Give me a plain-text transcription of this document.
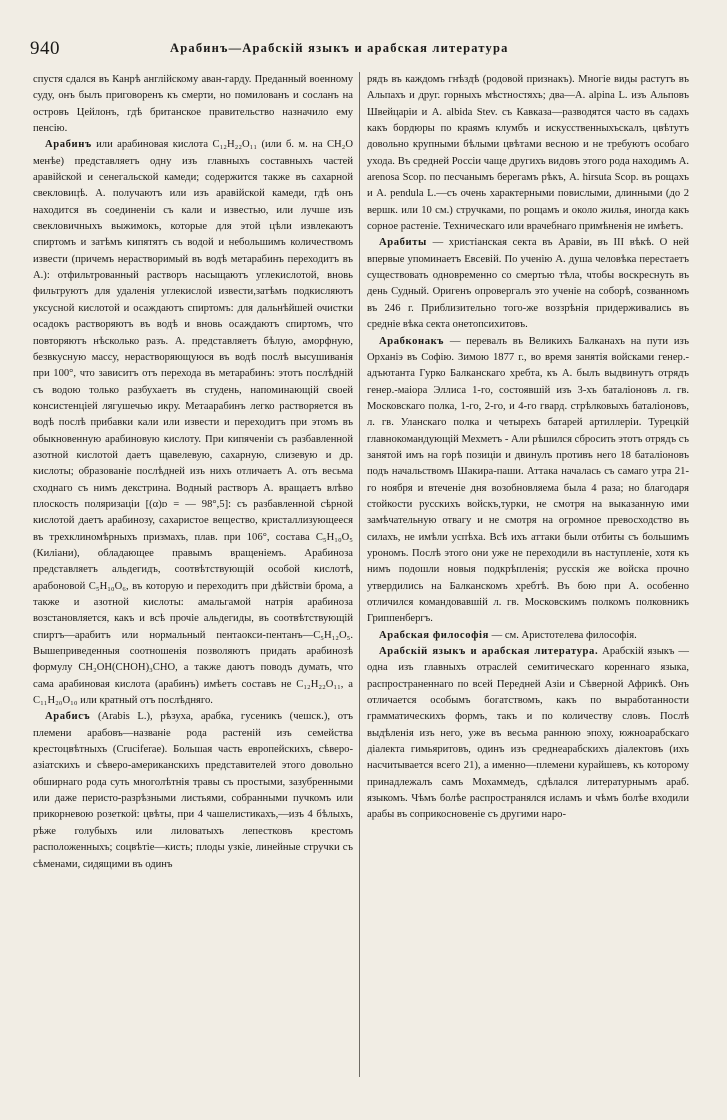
940	Арабинъ—Арабскій языкъ и арабская литература

спустя сдался въ Канрѣ англійскому аван-гарду. Преданный военному суду, онъ былъ приговоренъ къ смерти, но помилованъ и сосланъ на островъ Цейлонъ, гдѣ британское правительство назначило ему пенсію.

Арабинъ или арабиновая кислота C₁₂H₂₂O₁₁ (или б. м. на CH₂O менѣе) представляетъ одну изъ главныхъ составныхъ частей аравійской и сенегальской камеди; содержится также въ сахарной свекловицѣ. А. получаютъ или изъ аравійской камеди, гдѣ онъ находится въ соединеніи съ кали и известью, или лучше изъ свекловичныхъ выжимокъ, которые для этой цѣли извлекаютъ спиртомъ и затѣмъ кипятятъ съ водой и небольшимъ количествомъ извести (причемъ нерастворимый въ водѣ метарабинъ переходитъ въ А.): отфильтрованный растворъ насыщаютъ углекислотой, вновь фильтруютъ для удаленія углекислой извести,затѣмъ подкисляютъ уксусной кислотой и осаждаютъ спиртомъ: для дальнѣйшей очистки осадокъ растворяютъ въ водѣ и вновь осаждаютъ спиртомъ, что повторяютъ нѣсколько разъ. А. представляетъ бѣлую, аморфную, безвкусную массу, нерастворяющуюся въ водѣ послѣ высушиванія при 100°, что зависитъ отъ перехода въ метарабинъ: этотъ послѣдній съ водою только разбухаетъ въ студень, напоминающій своей консистенціей лягушечью икру. Метаарабинъ легко растворяется въ водѣ послѣ прибавки кали или извести и переходитъ при этомъ въ обыкновенную арабиновую кислоту. При кипяченіи съ разбавленной азотной кислотой даетъ щавелевую, сахарную, слизевую и др. кислоты; образованіе послѣдней изъ нихъ отличаетъ А. отъ весьма сходнаго съ нимъ декстрина. Водный растворъ А. вращаетъ влѣво плоскость поляризаціи [(α)ᴅ = — 98°,5]: съ разбавленной сѣрной кислотой даетъ арабинозу, сахаристое вещество, кристаллизующееся въ трехклиномѣрныхъ призмахъ, плав. при 106°, состава C₅H₁₀O₅ (Киліани), обладающее правымъ вращеніемъ. Арабиноза представляетъ альдегидъ, соотвѣтствующій особой кислотѣ, арабоновой C₅H₁₀O₆, въ которую и переходитъ при дѣйствіи брома, а также и азотной кислоты: амальгамой натрія арабиноза возстановляется, какъ и всѣ прочіе альдегиды, въ соотвѣтствующій спиртъ—арабитъ или нормальный пентаокси-пентанъ—C₅H₁₂O₅. Вышеприведенныя соотношенія позволяютъ придать арабинозѣ формулу CH₂OH(CHOH)₃CHO, а также даютъ поводъ думать, что сама арабиновая кислота (арабинъ) имѣетъ составъ не C₁₂H₂₂O₁₁, а C₁₁H₂₀O₁₀ или кратный отъ послѣдняго.

Арабисъ (Arabis L.), рѣзуха, арабка, гусеникъ (чешск.), отъ племени арабовъ—названіе рода растеній изъ семейства крестоцвѣтныхъ (Cruciferae). Большая часть европейскихъ, сѣверо-азіатскихъ и сѣверо-американскихъ представителей этого довольно обширнаго рода суть многолѣтнія травы съ простыми, зазубренными или даже перисто-разрѣзными листьями, собранными пучкомъ или прикорневою розеткой: цвѣты, при 4 чашелистикахъ,—изъ 4 бѣлыхъ, рѣже голубыхъ или лиловатыхъ лепестковъ крестомъ расположенныхъ; соцвѣтіе—кисть; плоды узкіе, линейные стручки съ сѣменами, сидящими въ одинъ

рядъ въ каждомъ гнѣздѣ (родовой признакъ). Многіе виды растутъ въ Альпахъ и друг. горныхъ мѣстностяхъ; два—A. alpina L. изъ Альповъ Швейцаріи и A. albida Stev. съ Кавказа—разводятся часто въ садахъ какъ бордюры по краямъ клумбъ и искусственныхъскалъ, цвѣтутъ довольно крупными бѣлыми цвѣтами весною и не требуютъ особаго ухода. Въ средней Россіи чаще другихъ видовъ этого рода находимъ A. arenosa Scop. по песчанымъ берегамъ рѣкъ, A. hirsuta Scop. въ рощахъ и A. pendula L.—съ очень характерными повислыми, длинными (до 2 вершк. или 10 см.) стручками, по рощамъ и около жилья, иногда какъ сорное растеніе. Техническаго или врачебнаго примѣненія не имѣетъ.

Арабиты — христіанская секта въ Аравіи, въ III вѣкѣ. О ней впервые упоминаетъ Евсевій. По ученію А. душа человѣка перестаетъ существовать одновременно со смертью тѣла, чтобы воскреснуть въ день Судный. Оригенъ опровергалъ это ученіе на соборѣ, созванномъ въ 246 г. Приблизительно того-же воззрѣнія придерживались въ средніе вѣка секта онетопсихитовъ.

Арабконакъ — перевалъ въ Великихъ Балканахъ на пути изъ Орханіэ въ Софію. Зимою 1877 г., во время занятія войсками генер.-адъютанта Гурко Балканскаго хребта, къ А. былъ выдвинутъ отрядъ генер.-маіора Эллиса 1-го, состоявшій изъ 3-хъ баталіоновъ л. гв. Московскаго полка, 1-го, 2-го, и 4-го гвард. стрѣлковыхъ баталіоновъ, л. гв. Уланскаго полка и четырехъ батарей артиллеріи. Турецкій главнокомандующій Мехметъ - Али рѣшился сбросить этотъ отрядъ съ занятой имъ на горѣ позиціи и двинулъ противъ него 18 баталіоновъ подъ начальствомъ Шакира-паши. Аттака началась съ самаго утра 21-го ноября и втеченіе дня возобновляема была 4 раза; но благодаря стойкости русскихъ войскъ,турки, не смотря на выказанную ими замѣчательную отвагу и не смотря на огромное превосходство въ силахъ, не имѣли успѣха. Всѣ ихъ аттаки были отбиты съ большимъ урономъ. Послѣ этого они уже не переходили въ наступленіе, хотя къ нимъ подошли новыя подкрѣпленія; русскія же войска прочно утвердились на Балканскомъ хребтѣ. Въ бою при А. особенно отличился командовавшій л. гв. Московскимъ полкомъ полковникъ Гриппенбергъ.

Арабская философія — см. Аристотелева философія.

Арабскій языкъ и арабская литература. Арабскій языкъ — одна изъ главныхъ отраслей семитическаго кореннаго языка, распространеннаго по всей Передней Азіи и Сѣверной Африкѣ. Онъ отличается особымъ богатствомъ, какъ по выработанности грамматическихъ формъ, такъ и по количеству словъ. Послѣ выдѣленія изъ него, уже въ весьма раннюю эпоху, южноарабскаго діалекта гимьяритовъ, одинъ изъ среднеарабскихъ діалектовъ (ихъ насчитывается всего 21), а именно—племени курайшевъ, къ которому принадлежалъ самъ Мохаммедъ, сдѣлался литературнымъ араб. языкомъ. Чѣмъ болѣе распространялся исламъ и чѣмъ болѣе входили арабы въ соприкосновеніе съ другими наро-
